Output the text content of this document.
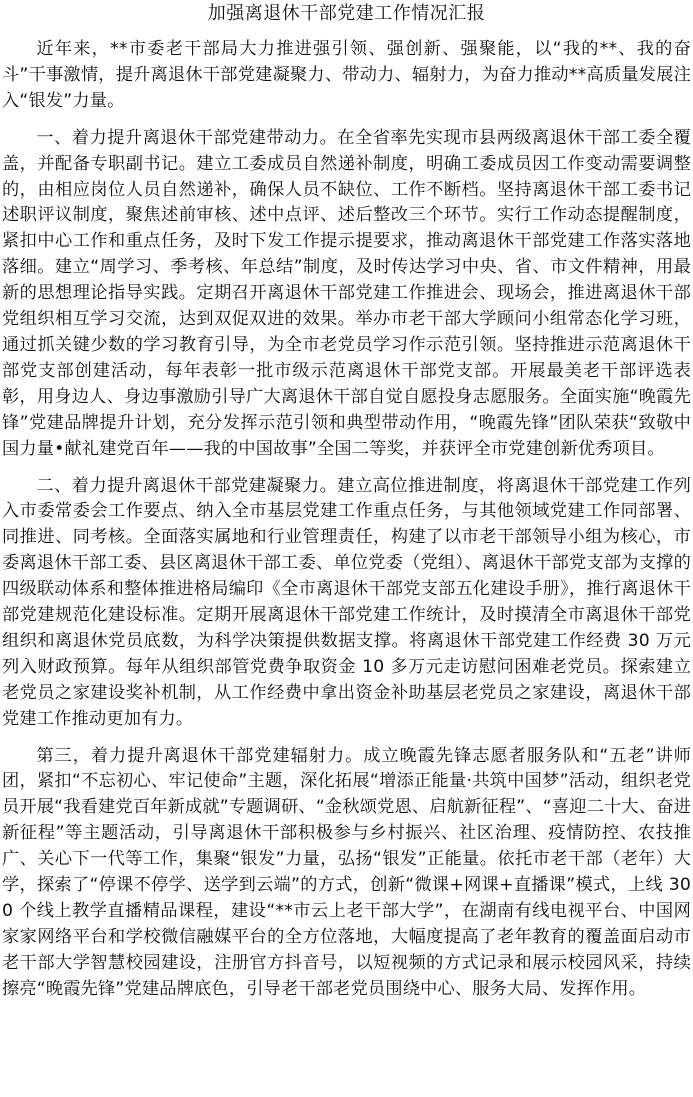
加强离退休干部党建工作情况汇报

近年来，**市委老干部局大力推进强引领、强创新、强聚能，以“我的**、我的奋斗”干事激情，提升离退休干部党建凝聚力、带动力、辐射力，为奋力推动**高质量发展注入“银发”力量。

一、着力提升离退休干部党建带动力。在全省率先实现市县两级离退休干部工委全覆盖，并配备专职副书记。建立工委成员自然递补制度，明确工委成员因工作变动需要调整的，由相应岗位人员自然递补，确保人员不缺位、工作不断档。坚持离退休干部工委书记述职评议制度，聚焦述前审核、述中点评、述后整改三个环节。实行工作动态提醒制度，紧扣中心工作和重点任务，及时下发工作提示提要求，推动离退休干部党建工作落实落地落细。建立“周学习、季考核、年总结”制度，及时传达学习中央、省、市文件精神，用最新的思想理论指导实践。定期召开离退休干部党建工作推进会、现场会，推进离退休干部党组织相互学习交流，达到双促双进的效果。举办市老干部大学顾问小组常态化学习班，通过抓关键少数的学习教育引导，为全市老党员学习作示范引领。坚持推进示范离退休干部党支部创建活动，每年表彰一批市级示范离退休干部党支部。开展最美老干部评选表彰，用身边人、身边事激励引导广大离退休干部自觉自愿投身志愿服务。全面实施“晚霞先锋”党建品牌提升计划，充分发挥示范引领和典型带动作用，“晚霞先锋”团队荣获“致敬中国力量•献礼建党百年——我的中国故事”全国二等奖，并获评全市党建创新优秀项目。

二、着力提升离退休干部党建凝聚力。建立高位推进制度，将离退休干部党建工作列入市委常委会工作要点、纳入全市基层党建工作重点任务，与其他领域党建工作同部署、同推进、同考核。全面落实属地和行业管理责任，构建了以市老干部领导小组为核心，市委离退休干部工委、县区离退休干部工委、单位党委（党组）、离退休干部党支部为支撑的四级联动体系和整体推进格局编印《全市离退休干部党支部五化建设手册》，推行离退休干部党建规范化建设标准。定期开展离退休干部党建工作统计，及时摸清全市离退休干部党组织和离退休党员底数，为科学决策提供数据支撑。将离退休干部党建工作经费 30 万元列入财政预算。每年从组织部管党费争取资金 10 多万元走访慰问困难老党员。探索建立老党员之家建设奖补机制，从工作经费中拿出资金补助基层老党员之家建设，离退休干部党建工作推动更加有力。

第三，着力提升离退休干部党建辐射力。成立晚霞先锋志愿者服务队和“五老”讲师团，紧扣“不忘初心、牢记使命”主题，深化拓展“增添正能量·共筑中国梦”活动，组织老党员开展“我看建党百年新成就”专题调研、“金秋颂党恩、启航新征程”、“喜迎二十大、奋进新征程”等主题活动，引导离退休干部积极参与乡村振兴、社区治理、疫情防控、农技推广、关心下一代等工作，集聚“银发”力量，弘扬“银发”正能量。依托市老干部（老年）大学，探索了“停课不停学、送学到云端”的方式，创新“微课+网课+直播课”模式，上线 300 个线上教学直播精品课程，建设“**市云上老干部大学”，在湖南有线电视平台、中国网家家网络平台和学校微信融媒平台的全方位落地，大幅度提高了老年教育的覆盖面启动市老干部大学智慧校园建设，注册官方抖音号，以短视频的方式记录和展示校园风采，持续擦亮“晚霞先锋”党建品牌底色，引导老干部老党员围绕中心、服务大局、发挥作用。
